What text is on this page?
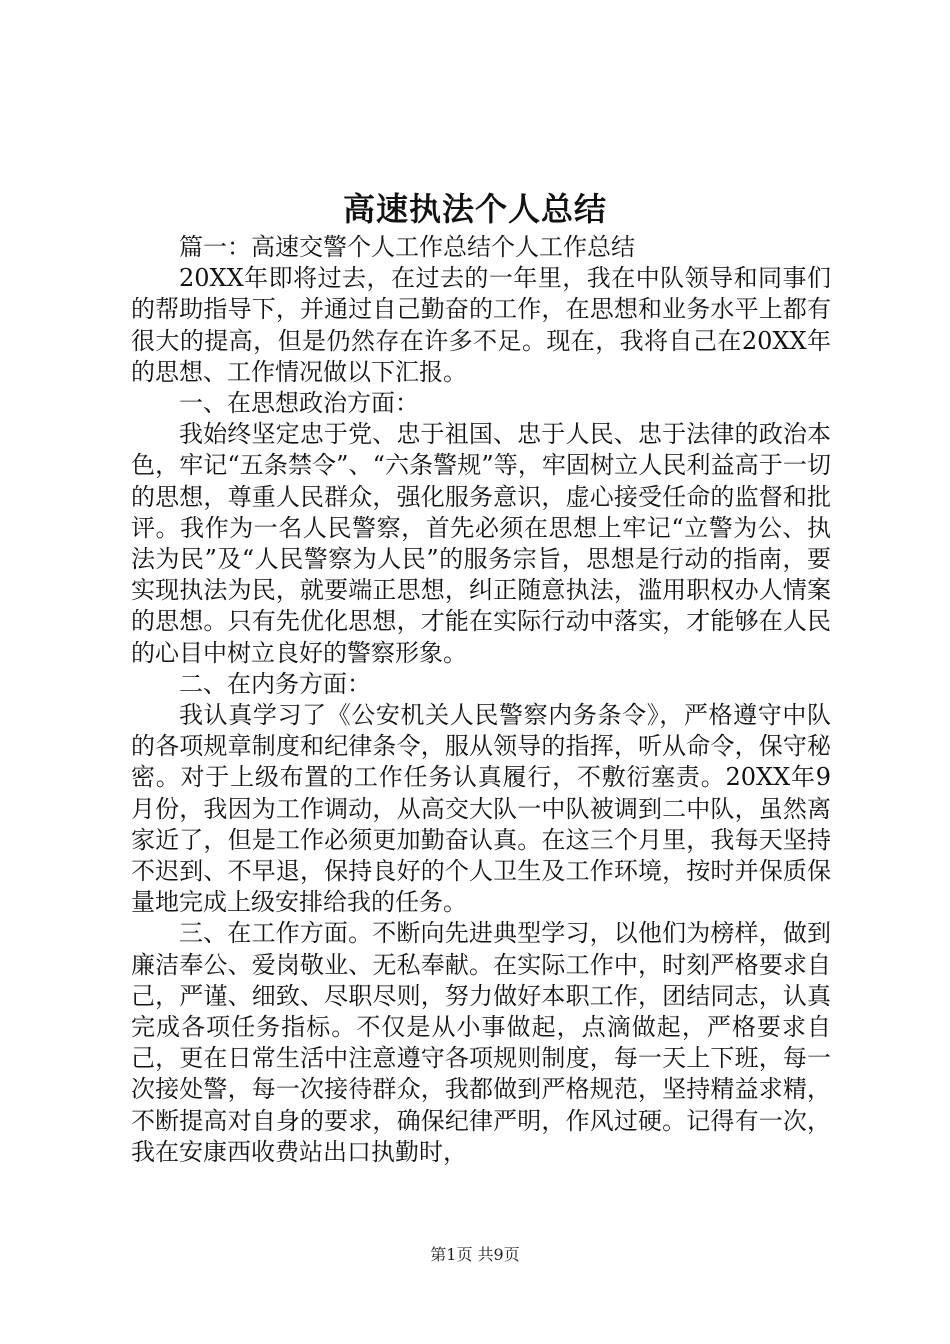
高速执法个人总结

篇一：高速交警个人工作总结个人工作总结

20XX年即将过去，在过去的一年里，我在中队领导和同事们的帮助指导下，并通过自己勤奋的工作，在思想和业务水平上都有很大的提高，但是仍然存在许多不足。现在，我将自己在20XX年的思想、工作情况做以下汇报。

一、在思想政治方面：

我始终坚定忠于党、忠于祖国、忠于人民、忠于法律的政治本色，牢记“五条禁令”、“六条警规”等，牢固树立人民利益高于一切的思想，尊重人民群众，强化服务意识，虚心接受任命的监督和批评。我作为一名人民警察，首先必须在思想上牢记“立警为公、执法为民”及“人民警察为人民”的服务宗旨，思想是行动的指南，要实现执法为民，就要端正思想，纠正随意执法，滥用职权办人情案的思想。只有先优化思想，才能在实际行动中落实，才能够在人民的心目中树立良好的警察形象。

二、在内务方面：

我认真学习了《公安机关人民警察内务条令》，严格遵守中队的各项规章制度和纪律条令，服从领导的指挥，听从命令，保守秘密。对于上级布置的工作任务认真履行，不敷衍塞责。20XX年9月份，我因为工作调动，从高交大队一中队被调到二中队，虽然离家近了，但是工作必须更加勤奋认真。在这三个月里，我每天坚持不迟到、不早退，保持良好的个人卫生及工作环境，按时并保质保量地完成上级安排给我的任务。

三、在工作方面。不断向先进典型学习，以他们为榜样，做到廉洁奉公、爱岗敬业、无私奉献。在实际工作中，时刻严格要求自己，严谨、细致、尽职尽则，努力做好本职工作，团结同志，认真完成各项任务指标。不仅是从小事做起，点滴做起，严格要求自己，更在日常生活中注意遵守各项规则制度，每一天上下班，每一次接处警，每一次接待群众，我都做到严格规范，坚持精益求精，不断提高对自身的要求，确保纪律严明，作风过硬。记得有一次，我在安康西收费站出口执勤时，

第1页 共9页
